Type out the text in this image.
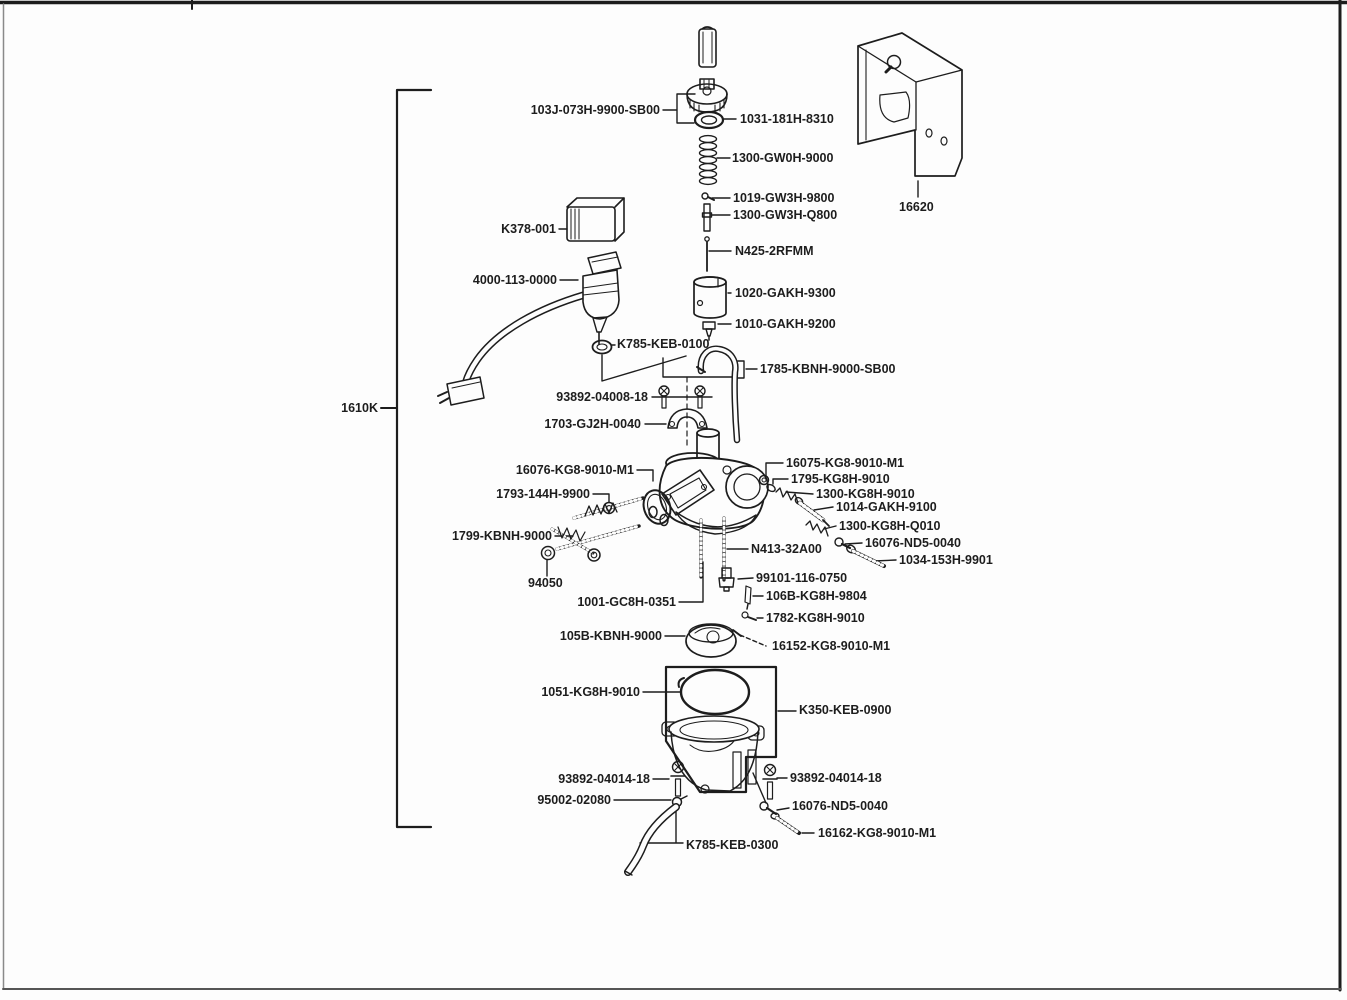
103J-073H-9900-SB00
1031-181H-8310
1300-GW0H-9000
1019-GW3H-9800
1300-GW3H-Q800
N425-2RFMM
1020-GAKH-9300
1010-GAKH-9200
K378-001
4000-113-0000
16620
K785-KEB-0100
1785-KBNH-9000-SB00
93892-04008-18
1703-GJ2H-0040
16076-KG8-9010-M1
1793-144H-9900
1799-KBNH-9000
94050
1001-GC8H-0351
16075-KG8-9010-M1
1795-KG8H-9010
1300-KG8H-9010
1014-GAKH-9100
1300-KG8H-Q010
16076-ND5-0040
1034-153H-9901
N413-32A00
99101-116-0750
106B-KG8H-9804
1782-KG8H-9010
105B-KBNH-9000
16152-KG8-9010-M1
1051-KG8H-9010
K350-KEB-0900
93892-04014-18	93892-04014-18
95002-02080	16076-ND5-0040
16162-KG8-9010-M1
K785-KEB-0300
1610K
